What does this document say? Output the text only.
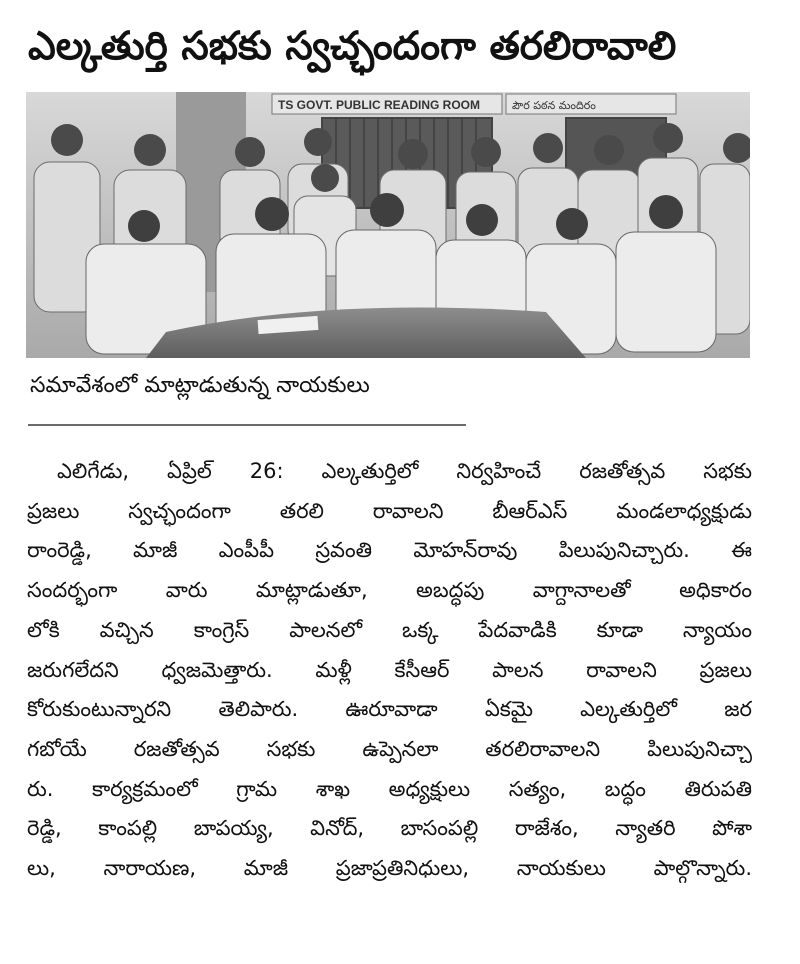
ఎల్కతుర్తి సభకు స్వచ్ఛందంగా తరలిరావాలి
TS GOVT. PUBLIC READING ROOM	పౌర పఠన మందిరం
సమావేశంలో మాట్లాడుతున్న నాయకులు
ఎలిగేడు, ఏప్రిల్ 26: ఎల్కతుర్తిలో నిర్వహించే రజతోత్సవ సభకు
ప్రజలు స్వచ్ఛందంగా తరలి రావాలని బీఆర్ఎస్ మండలాధ్యక్షుడు
రాంరెడ్డి, మాజీ ఎంపీపీ స్రవంతి మోహన్‌రావు పిలుపునిచ్చారు. ఈ
సందర్భంగా వారు మాట్లాడుతూ, అబద్ధపు వాగ్దానాలతో అధికారం
లోకి వచ్చిన కాంగ్రెస్ పాలనలో ఒక్క పేదవాడికి కూడా న్యాయం
జరుగలేదని ధ్వజమెత్తారు. మళ్లీ కేసీఆర్ పాలన రావాలని ప్రజలు
కోరుకుంటున్నారని తెలిపారు. ఊరూవాడా ఏకమై ఎల్కతుర్తిలో జర
గబోయే రజతోత్సవ సభకు ఉప్పెనలా తరలిరావాలని పిలుపునిచ్చా
రు. కార్యక్రమంలో గ్రామ శాఖ అధ్యక్షులు సత్యం, బద్ధం తిరుపతి
రెడ్డి, కాంపల్లి బాపయ్య, వినోద్, బాసంపల్లి రాజేశం, న్యాతరి పోశా
లు, నారాయణ, మాజీ ప్రజాప్రతినిధులు, నాయకులు పాల్గొన్నారు.
